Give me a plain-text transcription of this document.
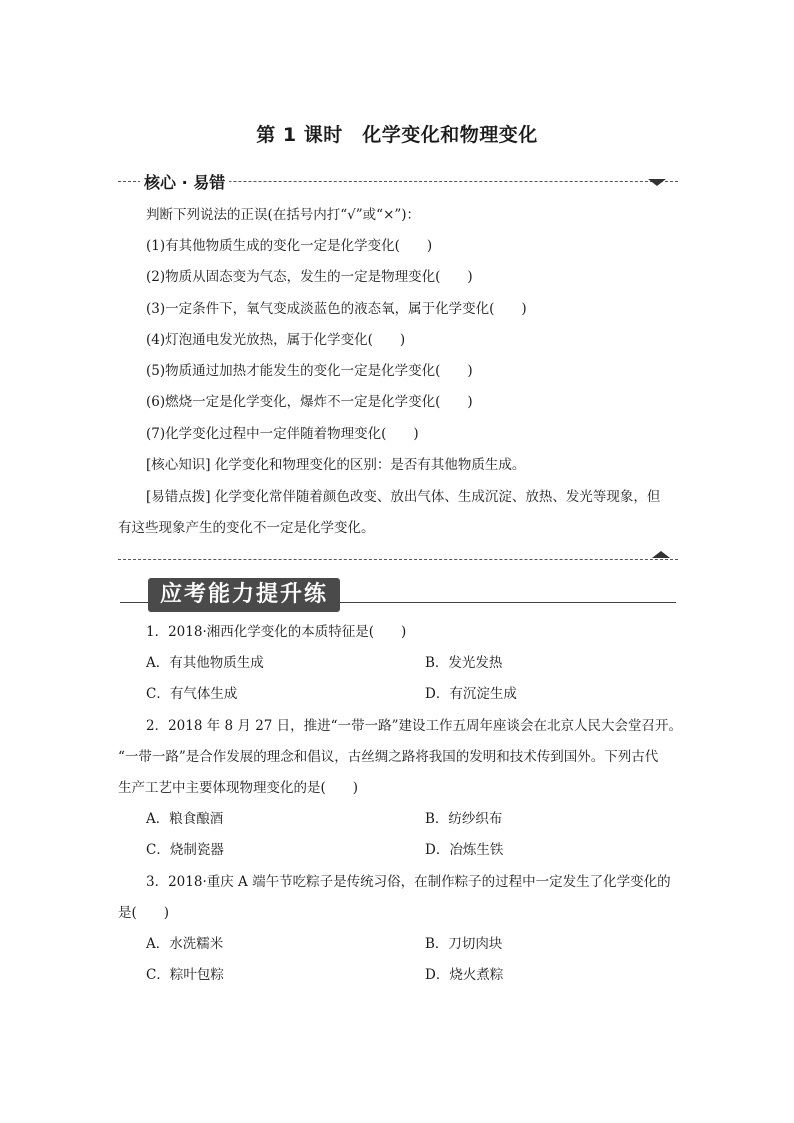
第 1 课时　化学变化和物理变化
核心 · 易错
判断下列说法的正误(在括号内打“√”或“×”)：
(1)有其他物质生成的变化一定是化学变化(　　)
(2)物质从固态变为气态，发生的一定是物理变化(　　)
(3)一定条件下，氧气变成淡蓝色的液态氧，属于化学变化(　　)
(4)灯泡通电发光放热，属于化学变化(　　)
(5)物质通过加热才能发生的变化一定是化学变化(　　)
(6)燃烧一定是化学变化，爆炸不一定是化学变化(　　)
(7)化学变化过程中一定伴随着物理变化(　　)
[核心知识] 化学变化和物理变化的区别：是否有其他物质生成。
[易错点拨] 化学变化常伴随着颜色改变、放出气体、生成沉淀、放热、发光等现象，但
有这些现象产生的变化不一定是化学变化。
应考能力提升练
1．2018·湘西化学变化的本质特征是(　　)
A．有其他物质生成	B．发光发热
C．有气体生成	D．有沉淀生成
2．2018 年 8 月 27 日，推进“一带一路”建设工作五周年座谈会在北京人民大会堂召开。
“一带一路”是合作发展的理念和倡议，古丝绸之路将我国的发明和技术传到国外。下列古代
生产工艺中主要体现物理变化的是(　　)
A．粮食酿酒	B．纺纱织布
C．烧制瓷器	D．冶炼生铁
3．2018·重庆 A 端午节吃粽子是传统习俗，在制作粽子的过程中一定发生了化学变化的
是(　　)
A．水洗糯米	B．刀切肉块
C．粽叶包粽	D．烧火煮粽
